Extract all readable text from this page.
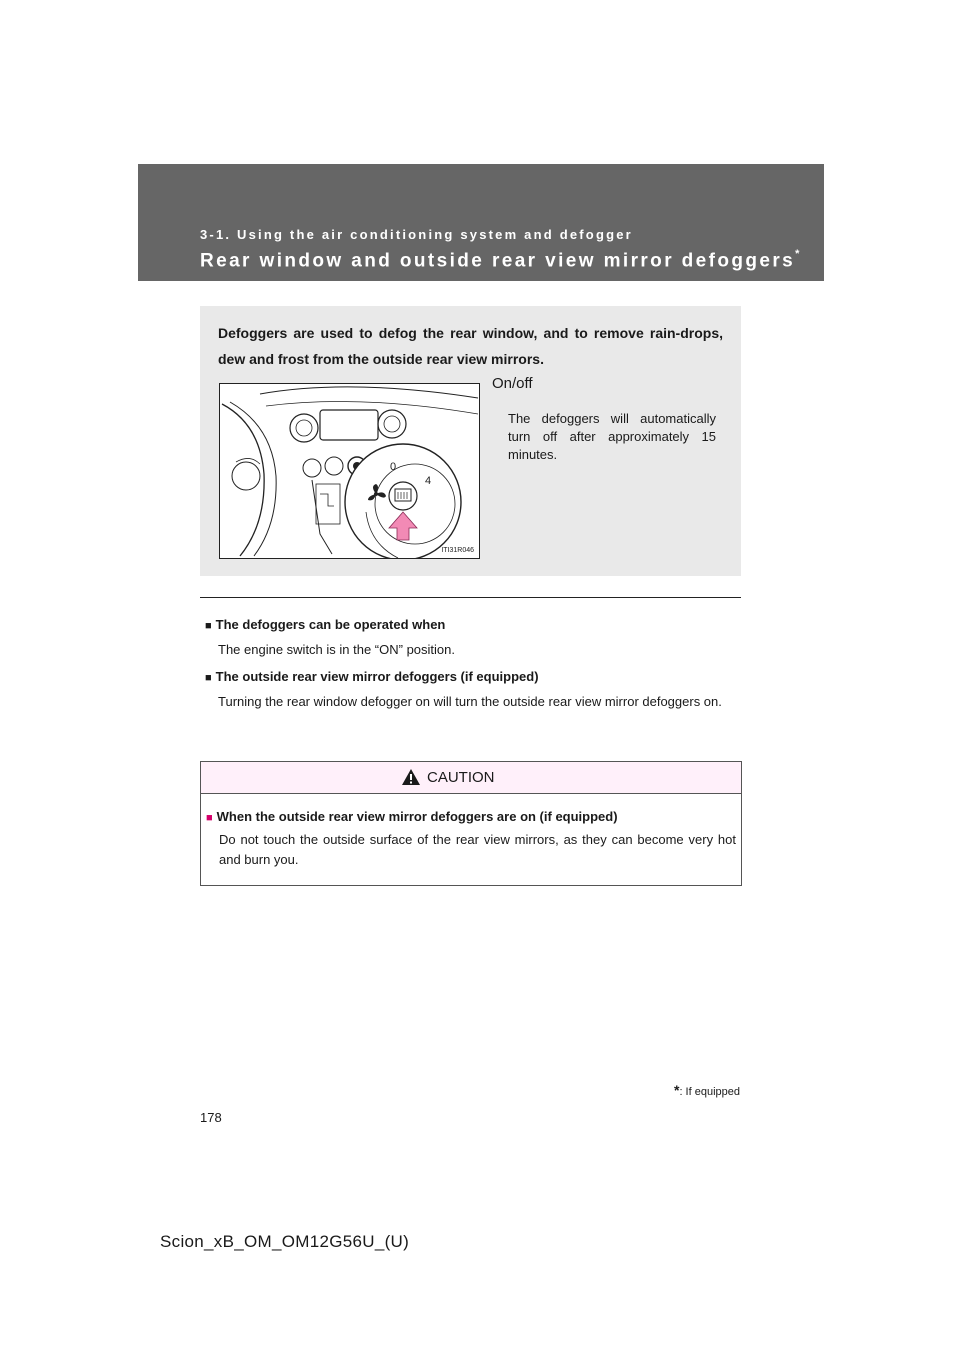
3-1. Using the air conditioning system and defogger
Rear window and outside rear view mirror defoggers*
Defoggers are used to defog the rear window, and to remove rain-drops, dew and frost from the outside rear view mirrors.
0
4
ITI31R046
On/off
The defoggers will automatically turn off after approximately 15 minutes.
■ The defoggers can be operated when
The engine switch is in the “ON” position.
■ The outside rear view mirror defoggers (if equipped)
Turning the rear window defogger on will turn the outside rear view mirror defoggers on.
CAUTION
■ When the outside rear view mirror defoggers are on (if equipped)
Do not touch the outside surface of the rear view mirrors, as they can become very hot and burn you.
*: If equipped
178
Scion_xB_OM_OM12G56U_(U)
